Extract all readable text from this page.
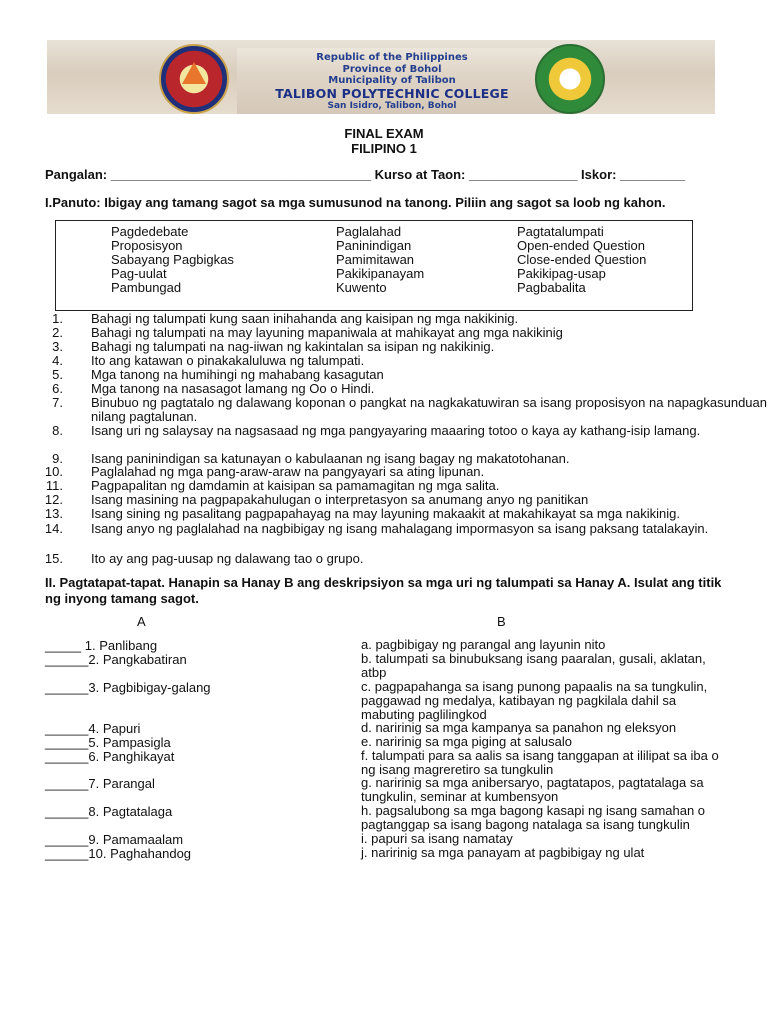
Republic of the Philippines
Province of Bohol
Municipality of Talibon
TALIBON POLYTECHNIC COLLEGE
San Isidro, Talibon, Bohol
FINAL EXAM
FILIPINO 1
Pangalan: ____________________________________ Kurso at Taon: _______________ Iskor: _________
I.Panuto: Ibigay ang tamang sagot sa mga sumusunod na tanong. Piliin ang sagot sa loob ng kahon.
Pagdedebate
Proposisyon
Sabayang Pagbigkas
Pag-uulat
Pambungad
Paglalahad
Paninindigan
Pamimitawan
Pakikipanayam
Kuwento
Pagtatalumpati
Open-ended Question
Close-ended Question
Pakikipag-usap
Pagbabalita
1. Bahagi ng talumpati kung saan inihahanda ang kaisipan ng mga nakikinig.
2. Bahagi ng talumpati na may layuning mapaniwala at mahikayat ang mga nakikinig
3. Bahagi ng talumpati na nag-iiwan ng kakintalan sa isipan ng nakikinig.
4. Ito ang katawan o pinakakaluluwa ng talumpati.
5. Mga tanong na humihingi ng mahabang kasagutan
6. Mga tanong na nasasagot lamang ng Oo o Hindi.
7. Binubuo ng pagtatalo ng dalawang koponan o pangkat na nagkakatuwiran sa isang proposisyon na napagkasunduan nilang pagtalunan.
8. Isang uri ng salaysay na nagsasaad ng mga pangyayaring maaaring totoo o kaya ay kathang-isip lamang.
9. Isang paninindigan sa katunayan o kabulaanan ng isang bagay ng makatotohanan.
10. Paglalahad ng mga pang-araw-araw na pangyayari sa ating lipunan.
11. Pagpapalitan ng damdamin at kaisipan sa pamamagitan ng mga salita.
12. Isang masining na pagpapakahulugan o interpretasyon sa anumang anyo ng panitikan
13. Isang sining ng pasalitang pagpapahayag na may layuning makaakit at makahikayat sa mga nakikinig.
14. Isang anyo ng paglalahad na nagbibigay ng isang mahalagang impormasyon sa isang paksang tatalakayin.
15. Ito ay ang pag-uusap ng dalawang tao o grupo.
II. Pagtatapat-tapat. Hanapin sa Hanay B ang deskripsiyon sa mga uri ng talumpati sa Hanay A. Isulat ang titik ng inyong tamang sagot.
A	B
_____ 1. Panlibang
______2. Pangkabatiran
______3. Pagbibigay-galang
______4. Papuri
______5. Pampasigla
______6. Panghikayat
______7. Parangal
______8. Pagtatalaga
______9. Pamamaalam
______10. Paghahandog
a. pagbibigay ng parangal ang layunin nito
b. talumpati sa binubuksang isang paaralan, gusali, aklatan, atbp
c. pagpapahanga sa isang punong papaalis na sa tungkulin, paggawad ng medalya, katibayan ng pagkilala dahil sa mabuting paglilingkod
d. naririnig sa mga kampanya sa panahon ng eleksyon
e. naririnig sa mga piging at salusalo
f. talumpati para sa aalis sa isang tanggapan at ililipat sa iba o ng isang magreretiro sa tungkulin
g. naririnig sa mga anibersaryo, pagtatapos, pagtatalaga sa tungkulin, seminar at kumbensyon
h. pagsalubong sa mga bagong kasapi ng isang samahan o pagtanggap sa isang bagong natalaga sa isang tungkulin
i. papuri sa isang namatay
j. naririnig sa mga panayam at pagbibigay ng ulat
